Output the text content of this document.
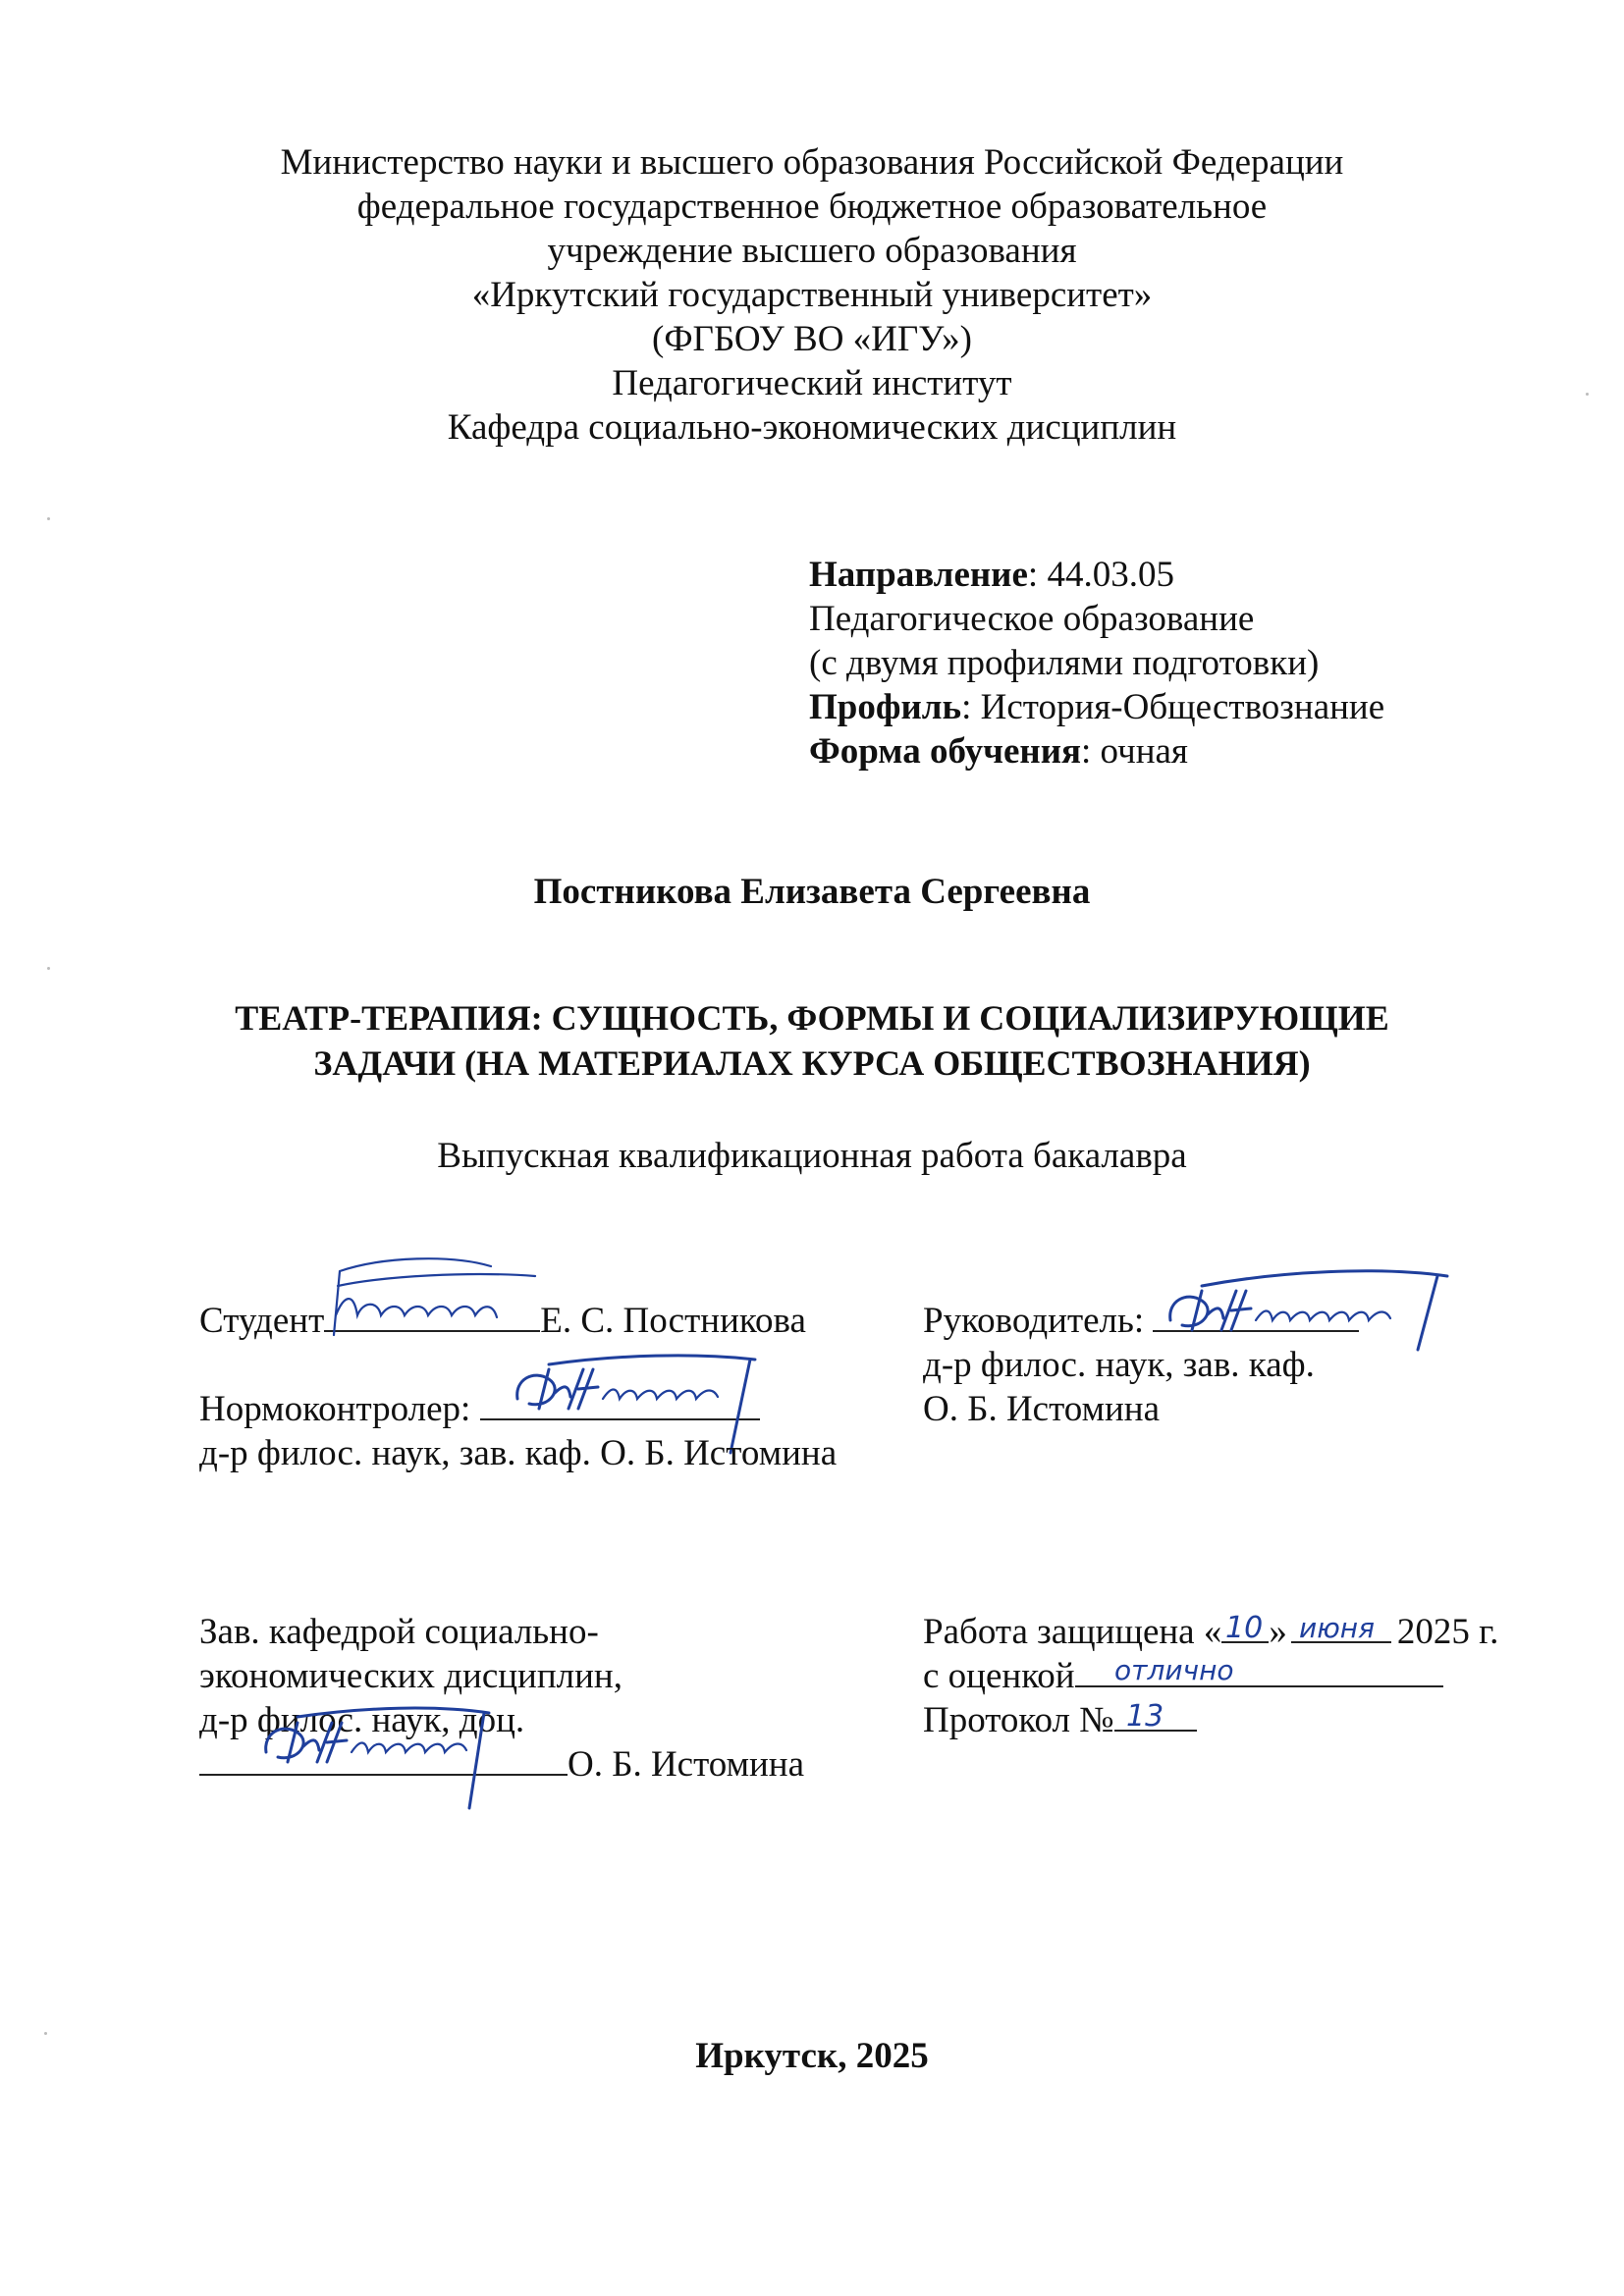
Министерство науки и высшего образования Российской Федерации
федеральное государственное бюджетное образовательное
учреждение высшего образования
«Иркутский государственный университет»
(ФГБОУ ВО «ИГУ»)
Педагогический институт
Кафедра социально-экономических дисциплин
Направление: 44.03.05
Педагогическое образование
(с двумя профилями подготовки)
Профиль: История-Обществознание
Форма обучения: очная
Постникова Елизавета Сергеевна
ТЕАТР-ТЕРАПИЯ: СУЩНОСТЬ, ФОРМЫ И СОЦИАЛИЗИРУЮЩИЕ
ЗАДАЧИ (НА МАТЕРИАЛАХ КУРСА ОБЩЕСТВОЗНАНИЯ)
Выпускная квалификационная работа бакалавра
Студент	Е. С. Постникова	Руководитель:
д-р филос. наук, зав. каф.
О. Б. Истомина
Нормоконтролер:
д-р филос. наук, зав. каф. О. Б. Истомина
Зав. кафедрой социально-
экономических дисциплин,
д-р филос. наук, доц.
О. Б. Истомина
Работа защищена « 10 » июня 2025 г.
с оценкой отлично
Протокол № 13
Иркутск, 2025
